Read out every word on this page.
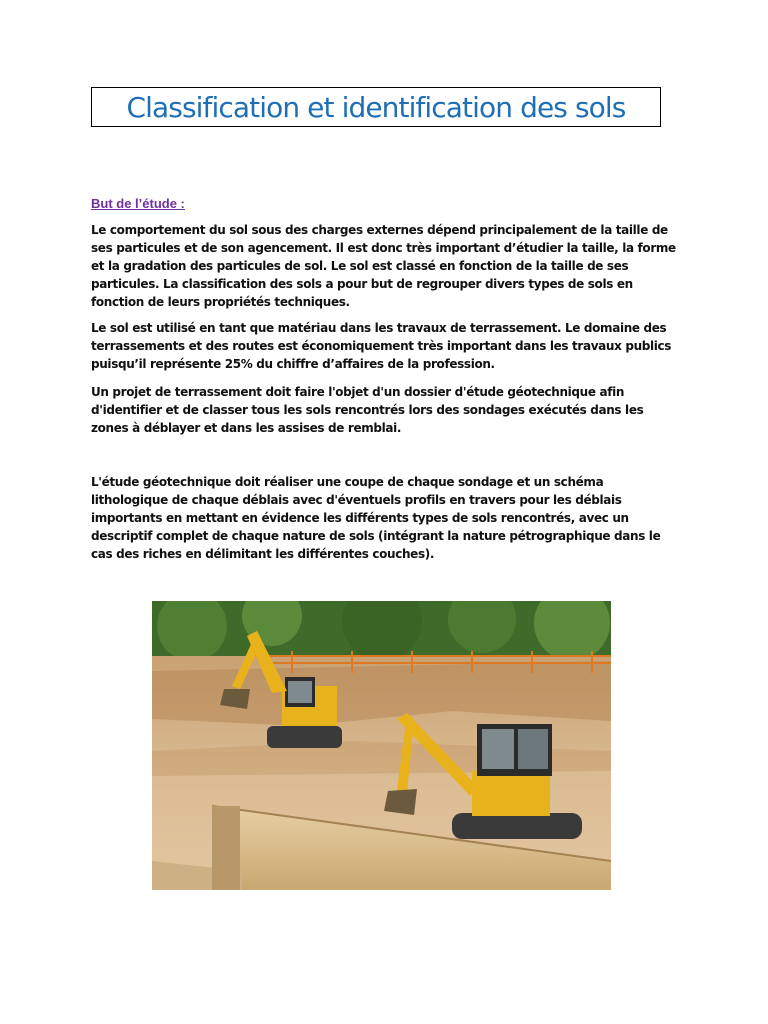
Classification et identification des sols
But de l’étude :

Le comportement du sol sous des charges externes dépend principalement de la taille de ses particules et de son agencement. Il est donc très important d’étudier la taille, la forme et la gradation des particules de sol. Le sol est classé en fonction de la taille de ses particules. La classification des sols a pour but de regrouper divers types de sols en fonction de leurs propriétés techniques.

Le sol est utilisé en tant que matériau dans les travaux de terrassement. Le domaine des terrassements et des routes est économiquement très important dans les travaux publics puisqu’il représente 25% du chiffre d’affaires de la profession.

Un projet de terrassement doit faire l'objet d'un dossier d'étude géotechnique afin d'identifier et de classer tous les sols rencontrés lors des sondages exécutés dans les zones à déblayer et dans les assises de remblai.

L'étude géotechnique doit réaliser une coupe de chaque sondage et un schéma lithologique de chaque déblais avec d'éventuels profils en travers pour les déblais importants en mettant en évidence les différents types de sols rencontrés, avec un descriptif complet de chaque nature de sols (intégrant la nature pétrographique dans le cas des riches en délimitant les différentes couches).
